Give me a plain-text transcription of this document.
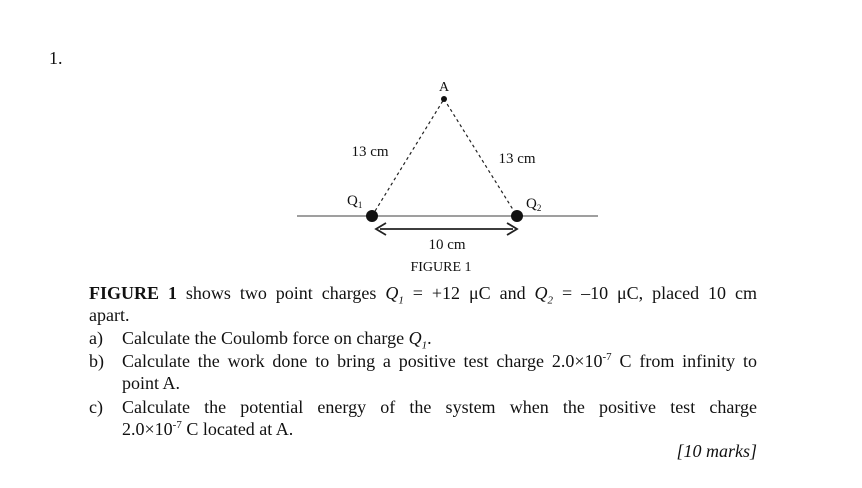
1.
A
13 cm	13 cm
$Q_1$	$Q_2$
10 cm
FIGURE 1
FIGURE 1 shows two point charges $Q_1 = +12$ μC and $Q_2 = -10$ μC, placed 10 cm
apart.
a)	Calculate the Coulomb force on charge $Q_1$.
b)	Calculate the work done to bring a positive test charge $2.0\times 10^{-7}$ C from infinity to
point A.
c)	Calculate the potential energy of the system when the positive test charge
$2.0\times 10^{-7}$ C located at A.
[10 marks]
